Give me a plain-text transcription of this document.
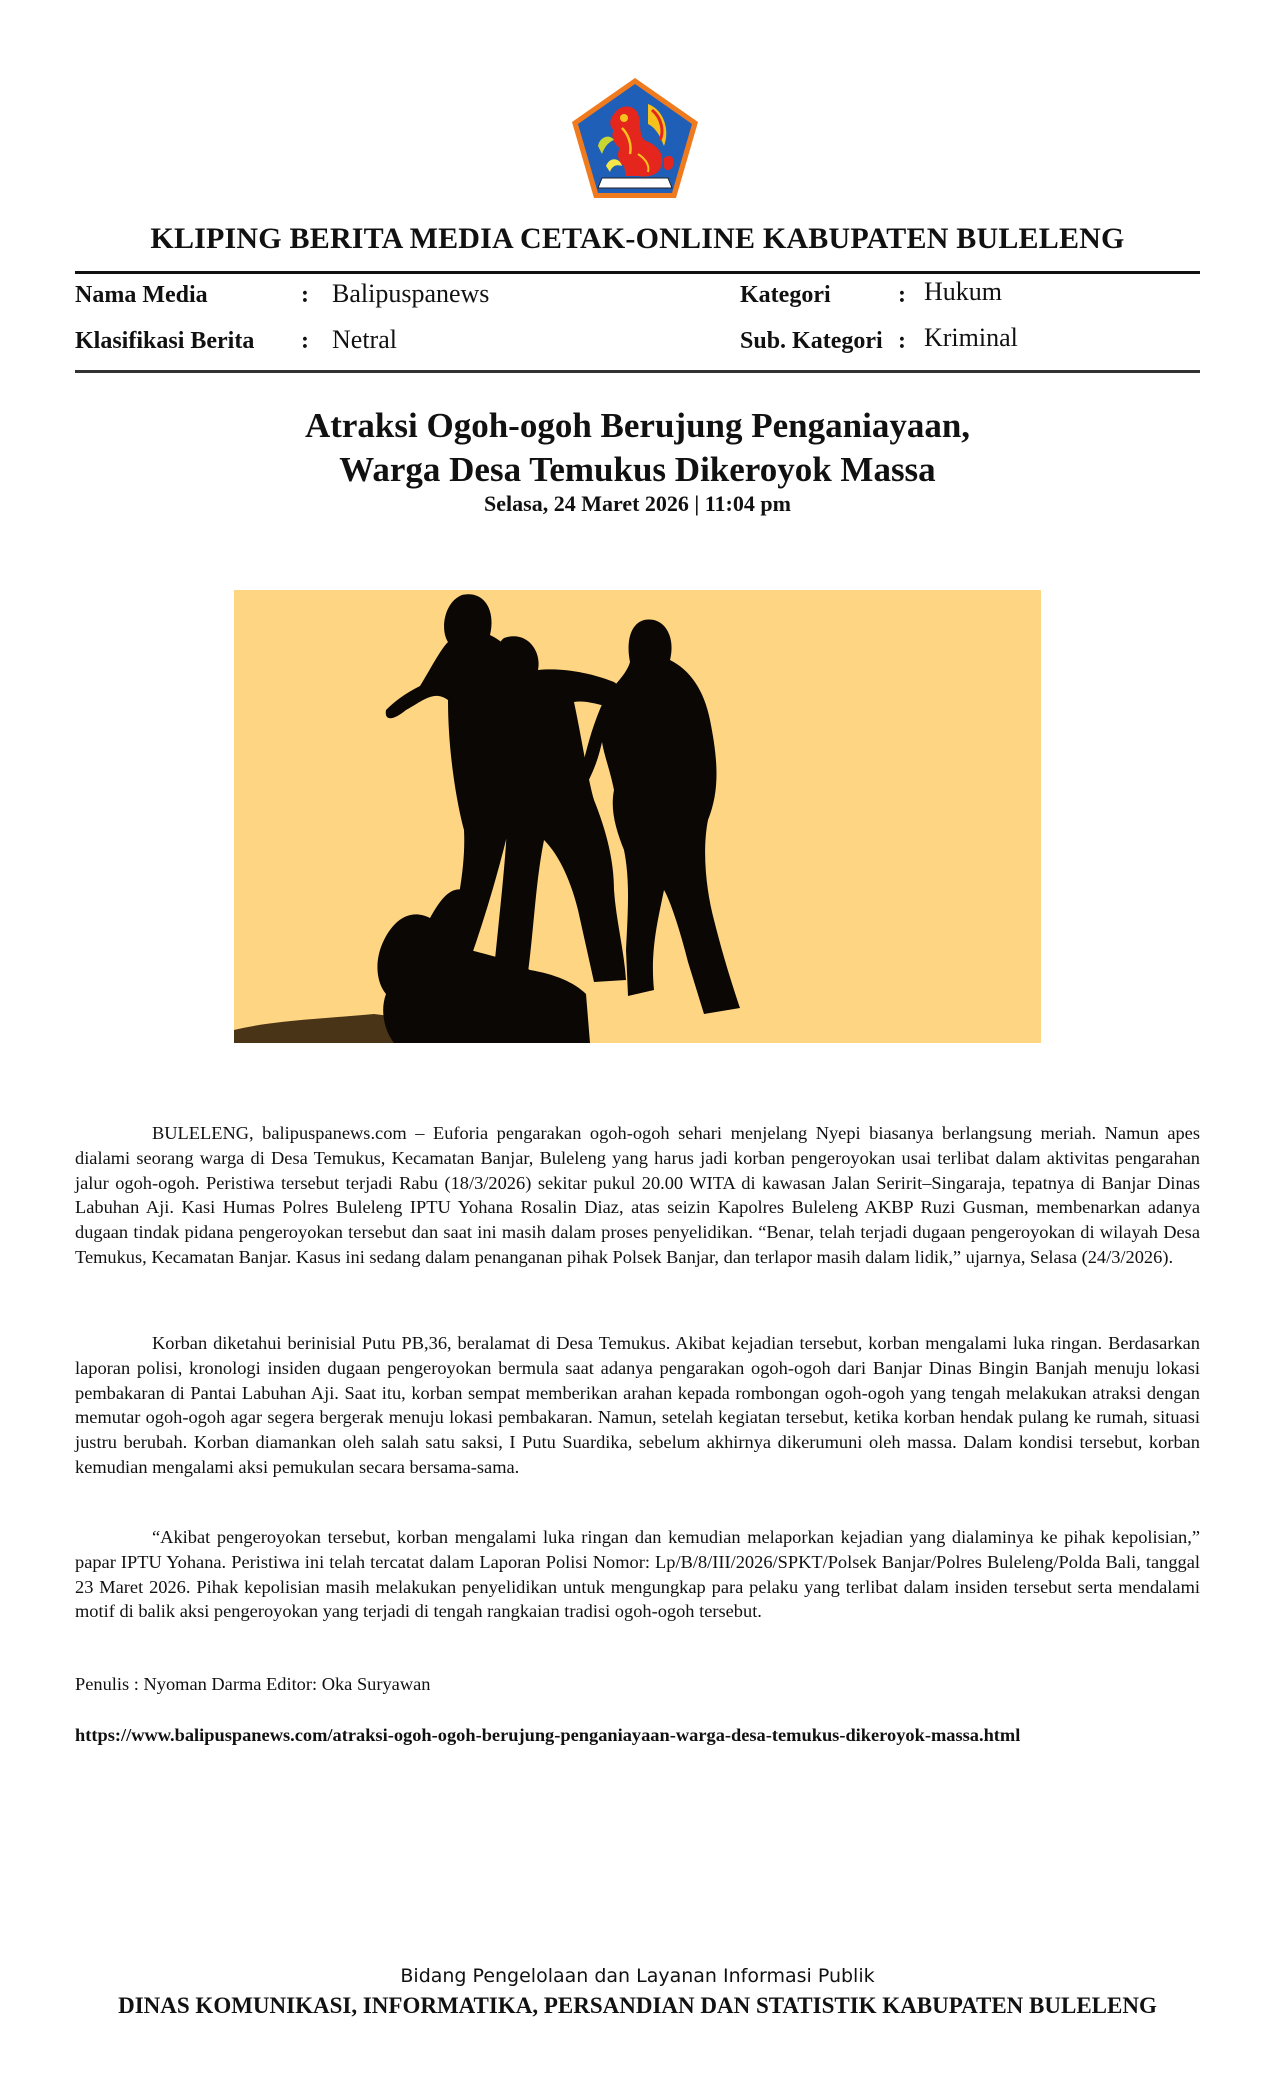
KLIPING BERITA MEDIA CETAK-ONLINE KABUPATEN BULELENG
Nama Media	: Balipuspanews
Klasifikasi Berita : Netral
Kategori	: Hukum
Sub. Kategori : Kriminal
Atraksi Ogoh-ogoh Berujung Penganiayaan,
Warga Desa Temukus Dikeroyok Massa
Selasa, 24 Maret 2026 | 11:04 pm

BULELENG, balipuspanews.com – Euforia pengarakan ogoh-ogoh sehari menjelang Nyepi biasanya berlangsung meriah. Namun apes dialami seorang warga di Desa Temukus, Kecamatan Banjar, Buleleng yang harus jadi korban pengeroyokan usai terlibat dalam aktivitas pengarahan jalur ogoh-ogoh. Peristiwa tersebut terjadi Rabu (18/3/2026) sekitar pukul 20.00 WITA di kawasan Jalan Seririt–Singaraja, tepatnya di Banjar Dinas Labuhan Aji. Kasi Humas Polres Buleleng IPTU Yohana Rosalin Diaz, atas seizin Kapolres Buleleng AKBP Ruzi Gusman, membenarkan adanya dugaan tindak pidana pengeroyokan tersebut dan saat ini masih dalam proses penyelidikan. “Benar, telah terjadi dugaan pengeroyokan di wilayah Desa Temukus, Kecamatan Banjar. Kasus ini sedang dalam penanganan pihak Polsek Banjar, dan terlapor masih dalam lidik,” ujarnya, Selasa (24/3/2026).

Korban diketahui berinisial Putu PB,36, beralamat di Desa Temukus. Akibat kejadian tersebut, korban mengalami luka ringan. Berdasarkan laporan polisi, kronologi insiden dugaan pengeroyokan bermula saat adanya pengarakan ogoh-ogoh dari Banjar Dinas Bingin Banjah menuju lokasi pembakaran di Pantai Labuhan Aji. Saat itu, korban sempat memberikan arahan kepada rombongan ogoh-ogoh yang tengah melakukan atraksi dengan memutar ogoh-ogoh agar segera bergerak menuju lokasi pembakaran. Namun, setelah kegiatan tersebut, ketika korban hendak pulang ke rumah, situasi justru berubah. Korban diamankan oleh salah satu saksi, I Putu Suardika, sebelum akhirnya dikerumuni oleh massa. Dalam kondisi tersebut, korban kemudian mengalami aksi pemukulan secara bersama-sama.

“Akibat pengeroyokan tersebut, korban mengalami luka ringan dan kemudian melaporkan kejadian yang dialaminya ke pihak kepolisian,” papar IPTU Yohana. Peristiwa ini telah tercatat dalam Laporan Polisi Nomor: Lp/B/8/III/2026/SPKT/Polsek Banjar/Polres Buleleng/Polda Bali, tanggal 23 Maret 2026. Pihak kepolisian masih melakukan penyelidikan untuk mengungkap para pelaku yang terlibat dalam insiden tersebut serta mendalami motif di balik aksi pengeroyokan yang terjadi di tengah rangkaian tradisi ogoh-ogoh tersebut.

Penulis : Nyoman Darma Editor: Oka Suryawan
https://www.balipuspanews.com/atraksi-ogoh-ogoh-berujung-penganiayaan-warga-desa-temukus-dikeroyok-massa.html
Bidang Pengelolaan dan Layanan Informasi Publik
DINAS KOMUNIKASI, INFORMATIKA, PERSANDIAN DAN STATISTIK KABUPATEN BULELENG
